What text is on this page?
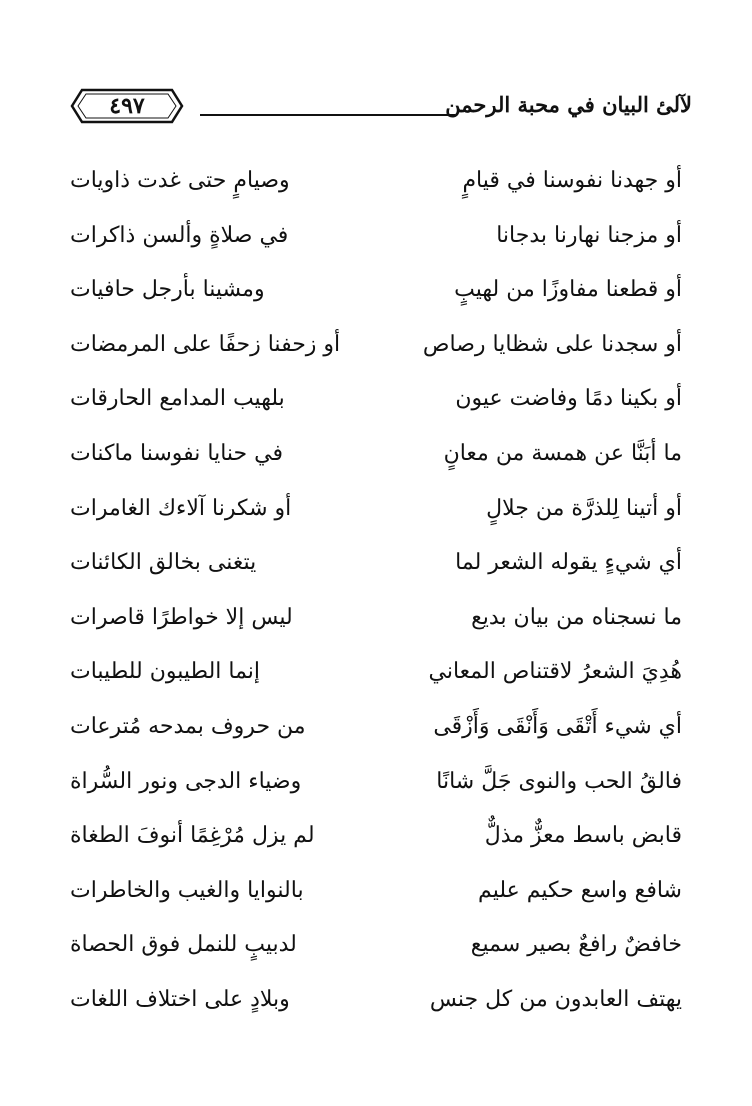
٤٩٧	لآلئ البيان في محبة الرحمن
أو جهدنا نفوسنا في قيامٍ
وصيامٍ حتى غدت ذاويات
أو مزجنا نهارنا بدجانا
في صلاةٍ وألسن ذاكرات
أو قطعنا مفاوزًا من لهيبٍ
ومشينا بأرجل حافيات
أو سجدنا على شظايا رصاص
أو زحفنا زحفًا على المرمضات
أو بكينا دمًا وفاضت عيون
بلهيب المدامع الحارقات
ما أبَنَّا عن همسة من معانٍ
في حنايا نفوسنا ماكنات
أو أتينا لِلذرَّة من جلالٍ
أو شكرنا آلاءك الغامرات
أي شيءٍ يقوله الشعر لما
يتغنى بخالق الكائنات
ما نسجناه من بيان بديع
ليس إلا خواطرًا قاصرات
هُدِيَ الشعرُ لاقتناص المعاني
إنما الطيبون للطيبات
أي شيء أَتْقَى وَأَنْقَى وَأَزْقَى
من حروف بمدحه مُترعات
فالقُ الحب والنوى جَلَّ شانًا
وضياء الدجى ونور السُّراة
قابض باسط معزٌّ مذلٌّ
لم يزل مُرْغِمًا أنوفَ الطغاة
شافع واسع حكيم عليم
بالنوايا والغيب والخاطرات
خافضٌ رافعٌ بصير سميع
لدبيبٍ للنمل فوق الحصاة
يهتف العابدون من كل جنس
وبلادٍ على اختلاف اللغات
